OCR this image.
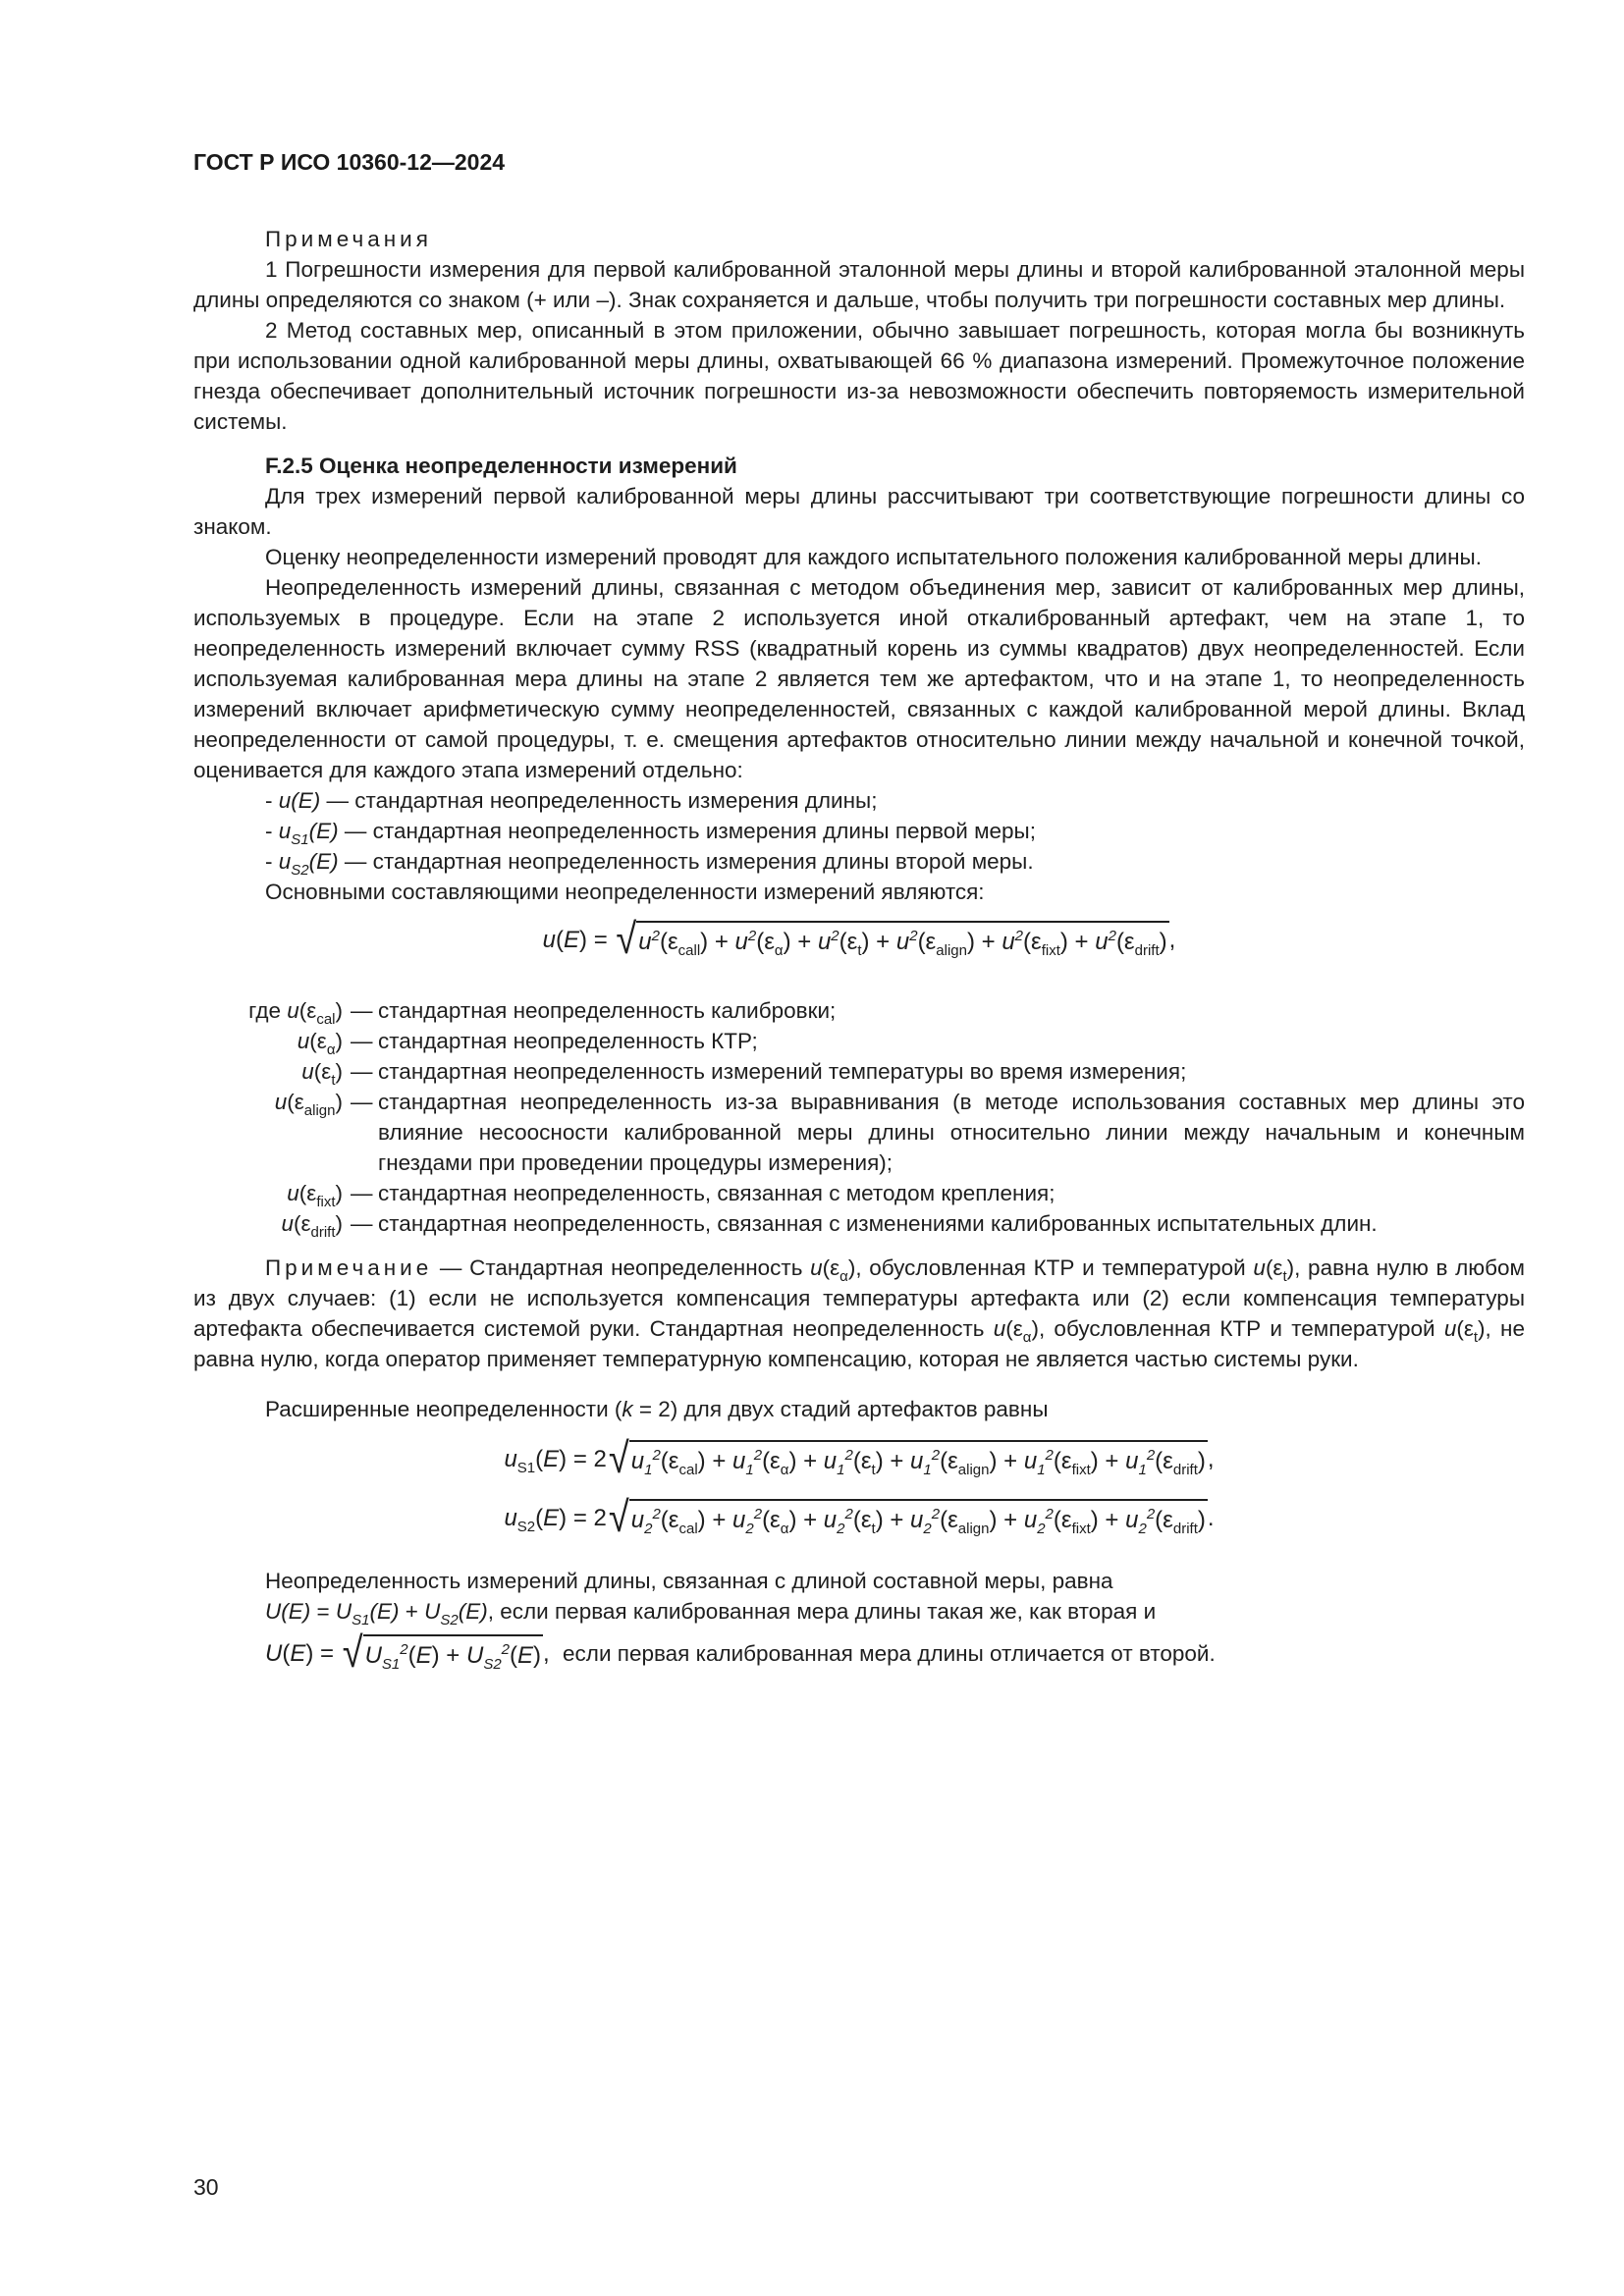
ГОСТ Р ИСО 10360-12—2024

Примечания

1 Погрешности измерения для первой калиброванной эталонной меры длины и второй калиброванной эталонной меры длины определяются со знаком (+ или –). Знак сохраняется и дальше, чтобы получить три погрешности составных мер длины.

2 Метод составных мер, описанный в этом приложении, обычно завышает погрешность, которая могла бы возникнуть при использовании одной калиброванной меры длины, охватывающей 66 % диапазона измерений. Промежуточное положение гнезда обеспечивает дополнительный источник погрешности из-за невозможности обеспечить повторяемость измерительной системы.

F.2.5 Оценка неопределенности измерений

Для трех измерений первой калиброванной меры длины рассчитывают три соответствующие погрешности длины со знаком.

Оценку неопределенности измерений проводят для каждого испытательного положения калиброванной меры длины.

Неопределенность измерений длины, связанная с методом объединения мер, зависит от калиброванных мер длины, используемых в процедуре. Если на этапе 2 используется иной откалиброванный артефакт, чем на этапе 1, то неопределенность измерений включает сумму RSS (квадратный корень из суммы квадратов) двух неопределенностей. Если используемая калиброванная мера длины на этапе 2 является тем же артефактом, что и на этапе 1, то неопределенность измерений включает арифметическую сумму неопределенностей, связанных с каждой калиброванной мерой длины. Вклад неопределенности от самой процедуры, т. е. смещения артефактов относительно линии между начальной и конечной точкой, оценивается для каждого этапа измерений отдельно:

- u(E) — стандартная неопределенность измерения длины;

- $u_{S1}(E)$ — стандартная неопределенность измерения длины первой меры;

- $u_{S2}(E)$ — стандартная неопределенность измерения длины второй меры.

Основными составляющими неопределенности измерений являются:

u ( E ) = √ $u^2(\varepsilon_{call}) + u^2(\varepsilon_\alpha) + u^2(\varepsilon_t) + u^2(\varepsilon_{align}) + u^2(\varepsilon_{fixt}) + u^2(\varepsilon_{drift})$ ,
где $u(\varepsilon_{cal})$ — стандартная неопределенность калибровки;
$u(\varepsilon_\alpha)$ — стандартная неопределенность КТР;
$u(\varepsilon_t)$ — стандартная неопределенность измерений температуры во время измерения;
$u(\varepsilon_{align})$ — стандартная неопределенность из-за выравнивания (в методе использования составных мер длины это влияние несоосности калиброванной меры длины относительно линии между начальным и конечным гнездами при проведении процедуры измерения);
$u(\varepsilon_{fixt})$ — стандартная неопределенность, связанная с методом крепления;
$u(\varepsilon_{drift})$ — стандартная неопределенность, связанная с изменениями калиброванных испытательных длин.

Примечание — Стандартная неопределенность $u(\varepsilon_\alpha)$, обусловленная КТР и температурой $u(\varepsilon_t)$, равна нулю в любом из двух случаев: (1) если не используется компенсация температуры артефакта или (2) если компенсация температуры артефакта обеспечивается системой руки. Стандартная неопределенность $u(\varepsilon_\alpha)$, обусловленная КТР и температурой $u(\varepsilon_t)$, не равна нулю, когда оператор применяет температурную компенсацию, которая не является частью системы руки.

Расширенные неопределенности (k = 2) для двух стадий артефактов равны

u $_{S1}$( E ) = 2 √ $u_1^2(\varepsilon_{cal}) + u_1^2(\varepsilon_\alpha) + u_1^2(\varepsilon_t) + u_1^2(\varepsilon_{align}) + u_1^2(\varepsilon_{fixt}) + u_1^2(\varepsilon_{drift})$ ,
u $_{S2}$( E ) = 2 √ $u_2^2(\varepsilon_{cal}) + u_2^2(\varepsilon_\alpha) + u_2^2(\varepsilon_t) + u_2^2(\varepsilon_{align}) + u_2^2(\varepsilon_{fixt}) + u_2^2(\varepsilon_{drift})$ .

Неопределенность измерений длины, связанная с длиной составной меры, равна

$U(E) = U_{S1}(E) + U_{S2}(E)$, если первая калиброванная мера длины такая же, как вторая и

U ( E ) = √ $U_{S1}^2(E) + U_{S2}^2(E)$ , если первая калиброванная мера длины отличается от второй.
30
